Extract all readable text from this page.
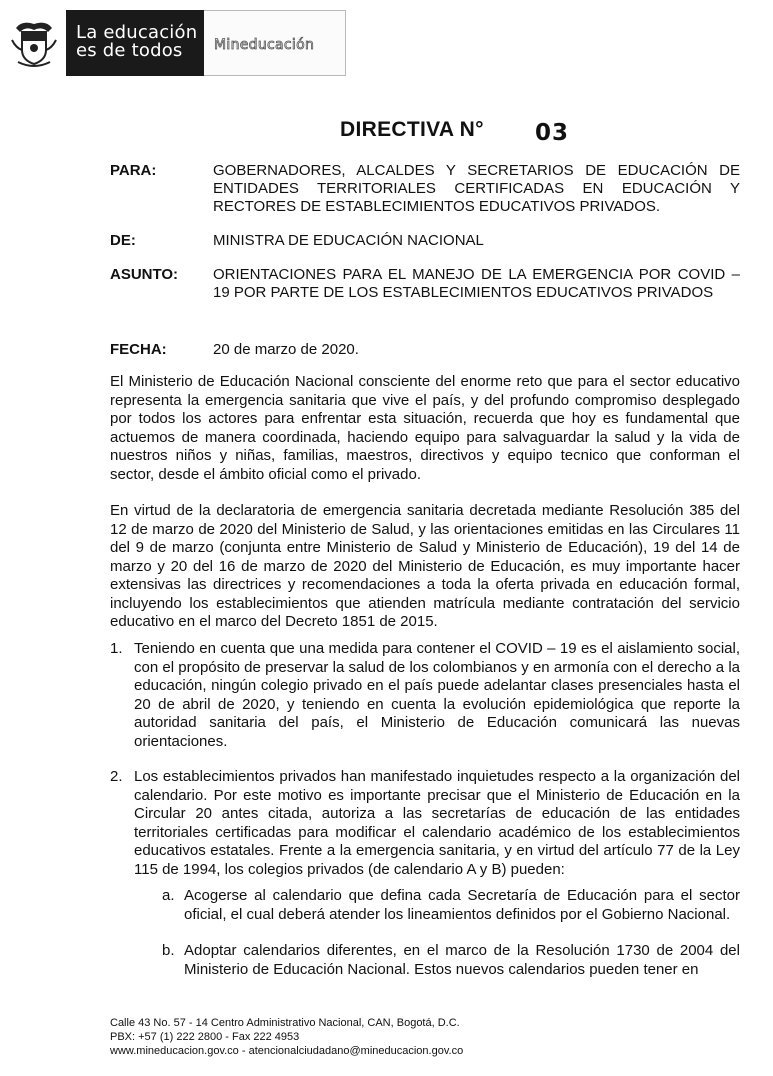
La educación
es de todos	Mineducación
DIRECTIVA N° 03
PARA:	GOBERNADORES, ALCALDES Y SECRETARIOS DE EDUCACIÓN DE ENTIDADES TERRITORIALES CERTIFICADAS EN EDUCACIÓN Y RECTORES DE ESTABLECIMIENTOS EDUCATIVOS PRIVADOS.
DE:	MINISTRA DE EDUCACIÓN NACIONAL
ASUNTO: ORIENTACIONES PARA EL MANEJO DE LA EMERGENCIA POR COVID – 19 POR PARTE DE LOS ESTABLECIMIENTOS EDUCATIVOS PRIVADOS
FECHA:	20 de marzo de 2020.
El Ministerio de Educación Nacional consciente del enorme reto que para el sector educativo representa la emergencia sanitaria que vive el país, y del profundo compromiso desplegado por todos los actores para enfrentar esta situación, recuerda que hoy es fundamental que actuemos de manera coordinada, haciendo equipo para salvaguardar la salud y la vida de nuestros niños y niñas, familias, maestros, directivos y equipo tecnico que conforman el sector, desde el ámbito oficial como el privado.
En virtud de la declaratoria de emergencia sanitaria decretada mediante Resolución 385 del 12 de marzo de 2020 del Ministerio de Salud, y las orientaciones emitidas en las Circulares 11 del 9 de marzo (conjunta entre Ministerio de Salud y Ministerio de Educación), 19 del 14 de marzo y 20 del 16 de marzo de 2020 del Ministerio de Educación, es muy importante hacer extensivas las directrices y recomendaciones a toda la oferta privada en educación formal, incluyendo los establecimientos que atienden matrícula mediante contratación del servicio educativo en el marco del Decreto 1851 de 2015.
1. Teniendo en cuenta que una medida para contener el COVID – 19 es el aislamiento social, con el propósito de preservar la salud de los colombianos y en armonía con el derecho a la educación, ningún colegio privado en el país puede adelantar clases presenciales hasta el 20 de abril de 2020, y teniendo en cuenta la evolución epidemiológica que reporte la autoridad sanitaria del país, el Ministerio de Educación comunicará las nuevas orientaciones.
2. Los establecimientos privados han manifestado inquietudes respecto a la organización del calendario. Por este motivo es importante precisar que el Ministerio de Educación en la Circular 20 antes citada, autoriza a las secretarías de educación de las entidades territoriales certificadas para modificar el calendario académico de los establecimientos educativos estatales. Frente a la emergencia sanitaria, y en virtud del artículo 77 de la Ley 115 de 1994, los colegios privados (de calendario A y B) pueden:
a. Acogerse al calendario que defina cada Secretaría de Educación para el sector oficial, el cual deberá atender los lineamientos definidos por el Gobierno Nacional.
b. Adoptar calendarios diferentes, en el marco de la Resolución 1730 de 2004 del Ministerio de Educación Nacional. Estos nuevos calendarios pueden tener en
Calle 43 No. 57 - 14 Centro Administrativo Nacional, CAN, Bogotá, D.C.
PBX: +57 (1) 222 2800 - Fax 222 4953
www.mineducacion.gov.co - atencionalciudadano@mineducacion.gov.co
